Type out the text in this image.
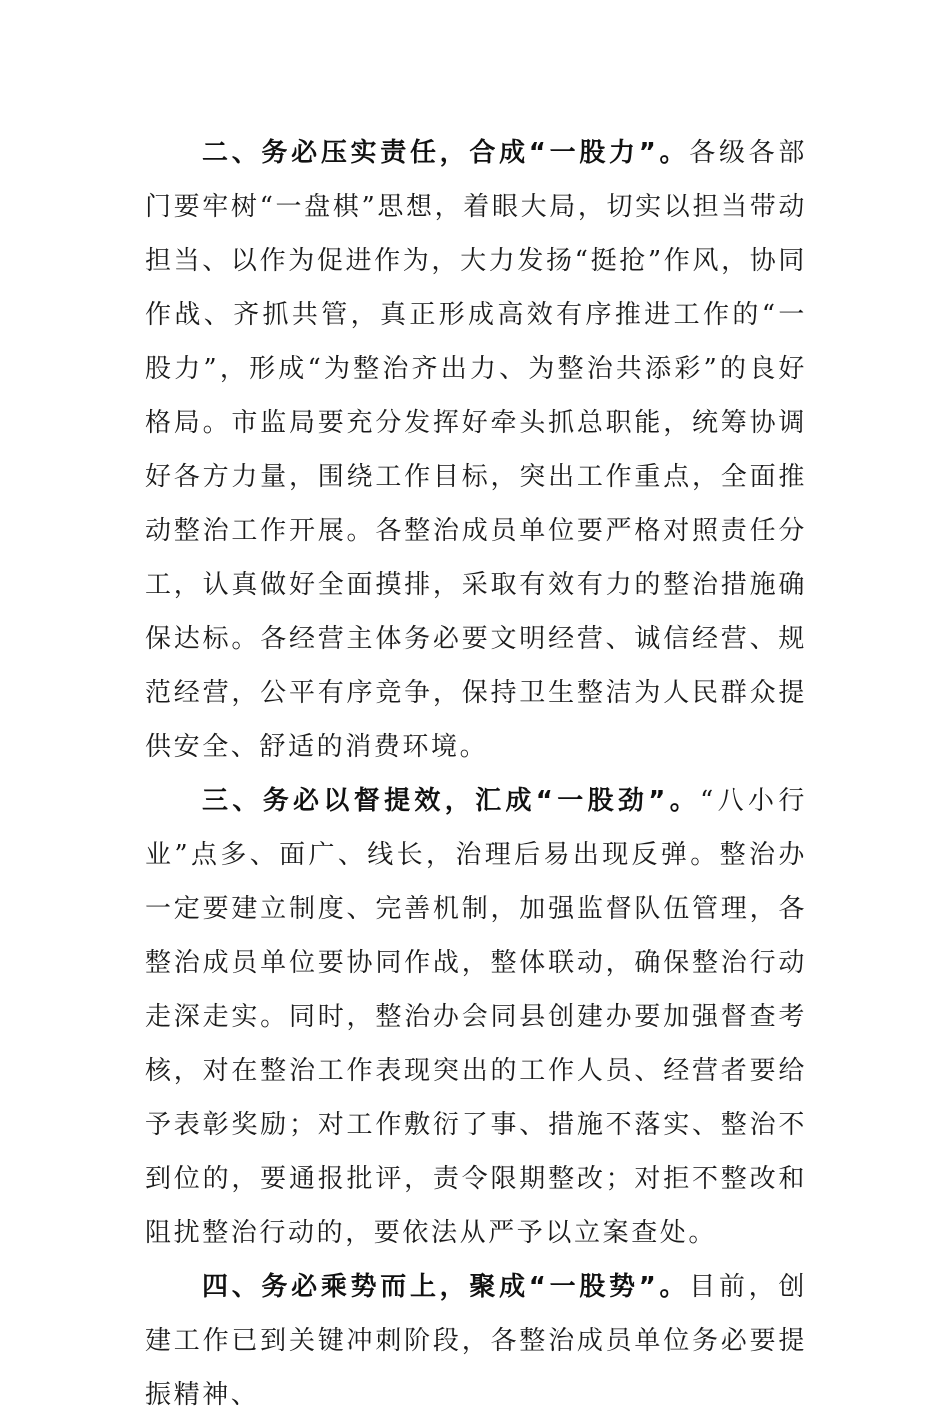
二、务必压实责任，合成“一股力”。各级各部门要牢树“一盘棋”思想，着眼大局，切实以担当带动担当、以作为促进作为，大力发扬“挺抢”作风，协同作战、齐抓共管，真正形成高效有序推进工作的“一股力”，形成“为整治齐出力、为整治共添彩”的良好格局。市监局要充分发挥好牵头抓总职能，统筹协调好各方力量，围绕工作目标，突出工作重点，全面推动整治工作开展。各整治成员单位要严格对照责任分工，认真做好全面摸排，采取有效有力的整治措施确保达标。各经营主体务必要文明经营、诚信经营、规范经营，公平有序竞争，保持卫生整洁为人民群众提供安全、舒适的消费环境。

三、务必以督提效，汇成“一股劲”。“八小行业”点多、面广、线长，治理后易出现反弹。整治办一定要建立制度、完善机制，加强监督队伍管理，各整治成员单位要协同作战，整体联动，确保整治行动走深走实。同时，整治办会同县创建办要加强督查考核，对在整治工作表现突出的工作人员、经营者要给予表彰奖励；对工作敷衍了事、措施不落实、整治不到位的，要通报批评，责令限期整改；对拒不整改和阻扰整治行动的，要依法从严予以立案查处。

四、务必乘势而上，聚成“一股势”。目前，创建工作已到关键冲刺阶段，各整治成员单位务必要提振精神、
